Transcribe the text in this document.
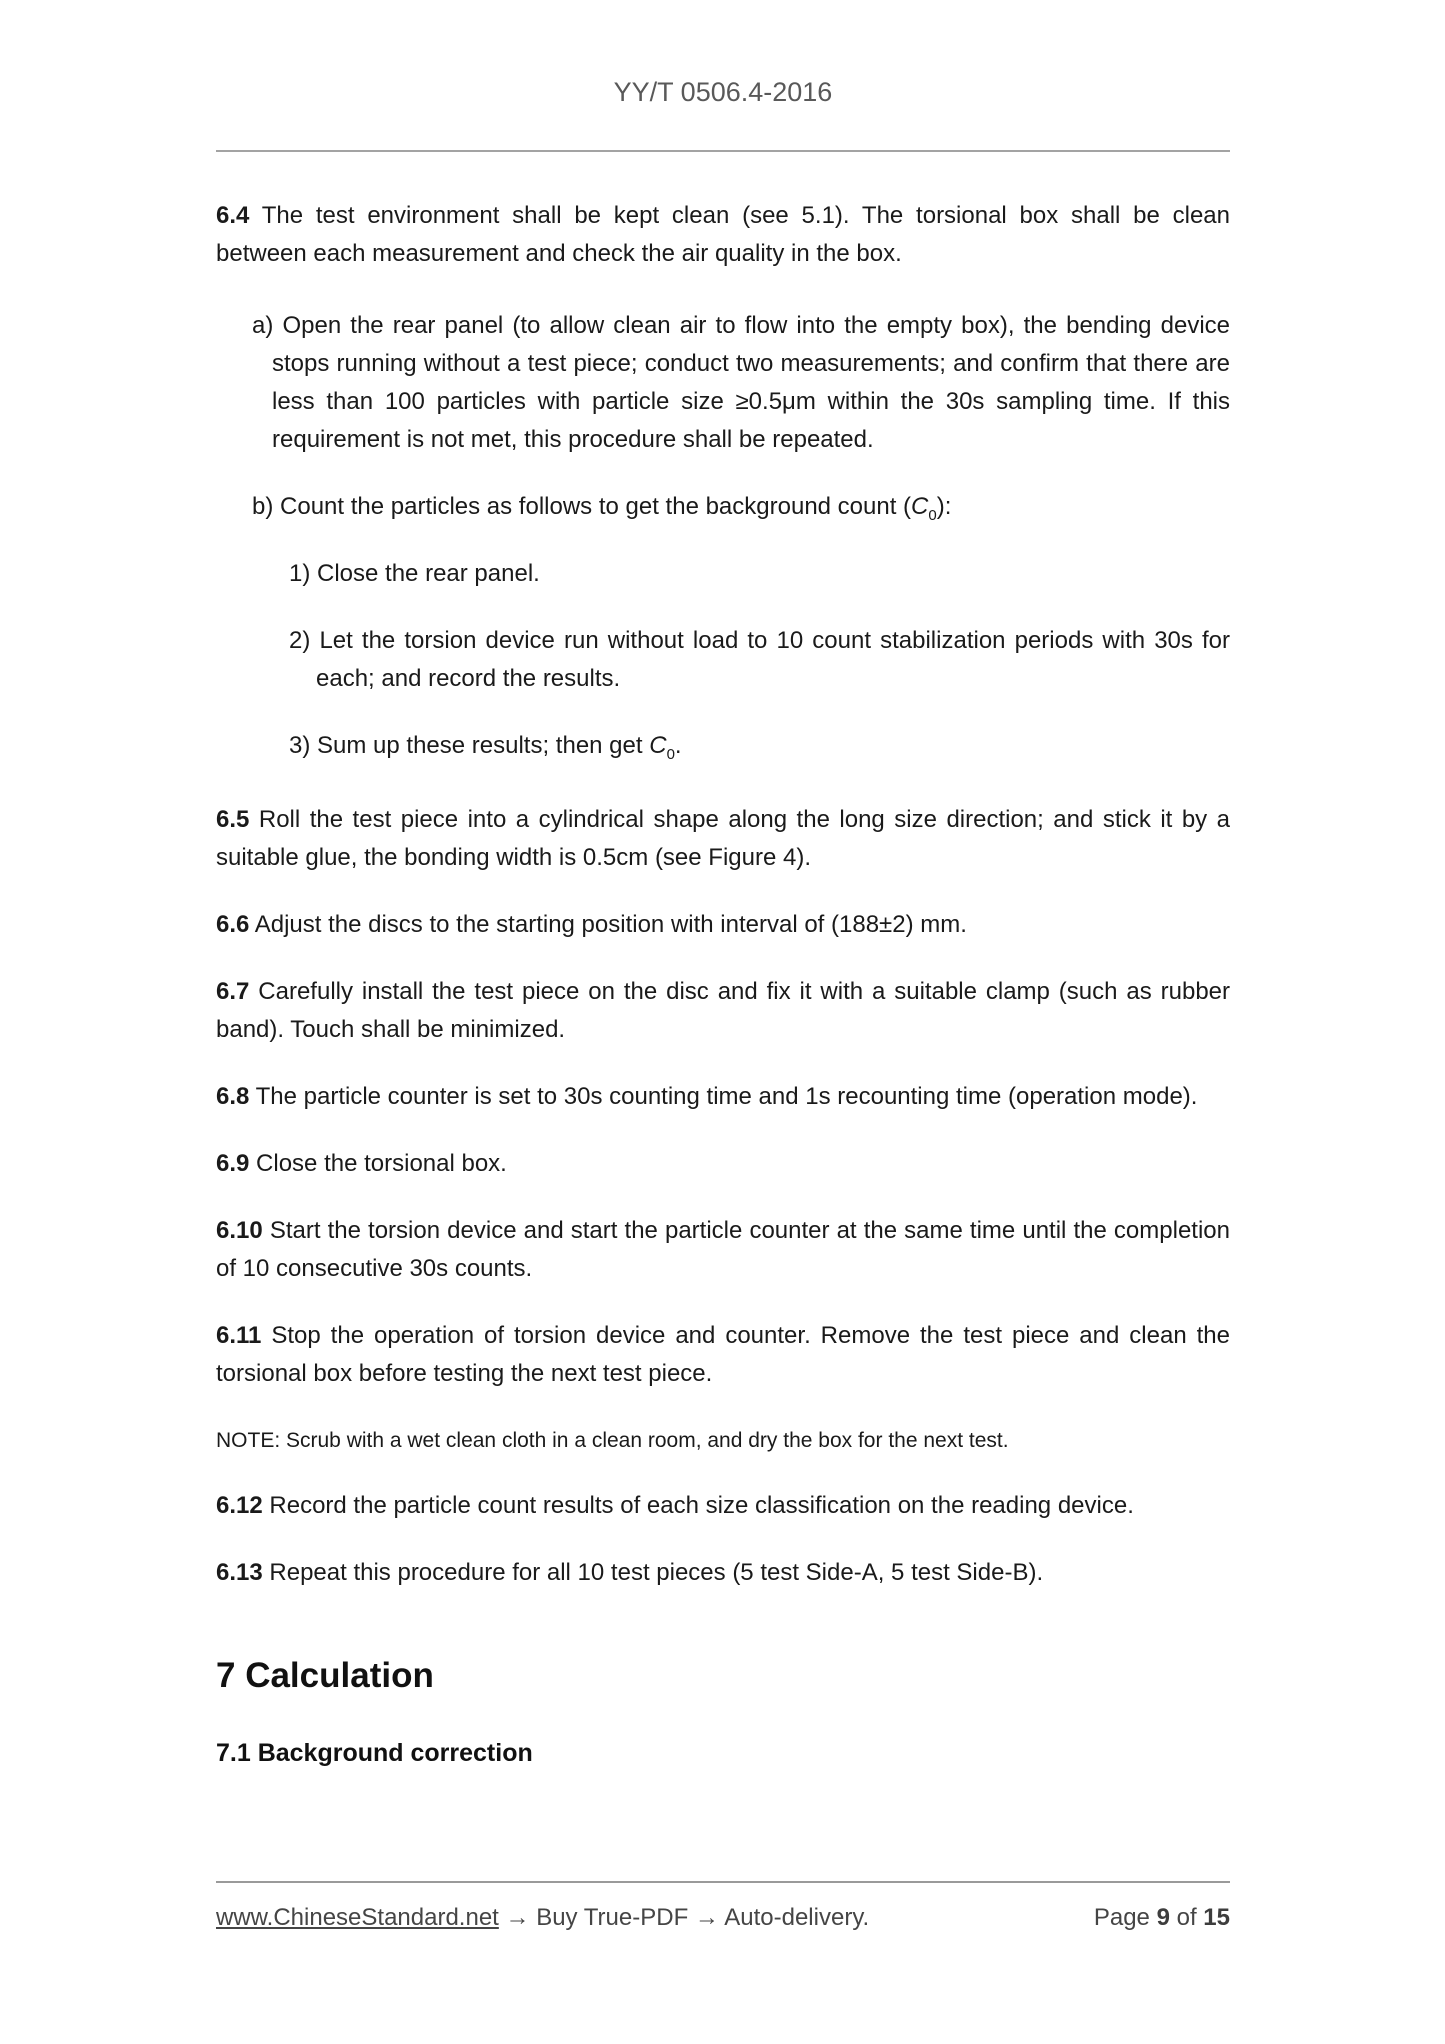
YY/T 0506.4-2016
6.4 The test environment shall be kept clean (see 5.1). The torsional box shall be clean between each measurement and check the air quality in the box.
a) Open the rear panel (to allow clean air to flow into the empty box), the bending device stops running without a test piece; conduct two measurements; and confirm that there are less than 100 particles with particle size ≥0.5μm within the 30s sampling time. If this requirement is not met, this procedure shall be repeated.
b) Count the particles as follows to get the background count $(C_0)$:
1) Close the rear panel.
2) Let the torsion device run without load to 10 count stabilization periods with 30s for each; and record the results.
3) Sum up these results; then get $C_0$.
6.5 Roll the test piece into a cylindrical shape along the long size direction; and stick it by a suitable glue, the bonding width is 0.5cm (see Figure 4).
6.6 Adjust the discs to the starting position with interval of (188±2) mm.
6.7 Carefully install the test piece on the disc and fix it with a suitable clamp (such as rubber band). Touch shall be minimized.
6.8 The particle counter is set to 30s counting time and 1s recounting time (operation mode).
6.9 Close the torsional box.
6.10 Start the torsion device and start the particle counter at the same time until the completion of 10 consecutive 30s counts.
6.11 Stop the operation of torsion device and counter. Remove the test piece and clean the torsional box before testing the next test piece.
NOTE: Scrub with a wet clean cloth in a clean room, and dry the box for the next test.
6.12 Record the particle count results of each size classification on the reading device.
6.13 Repeat this procedure for all 10 test pieces (5 test Side-A, 5 test Side-B).
7 Calculation
7.1 Background correction
www.ChineseStandard.net → Buy True-PDF → Auto-delivery.	Page 9 of 15
